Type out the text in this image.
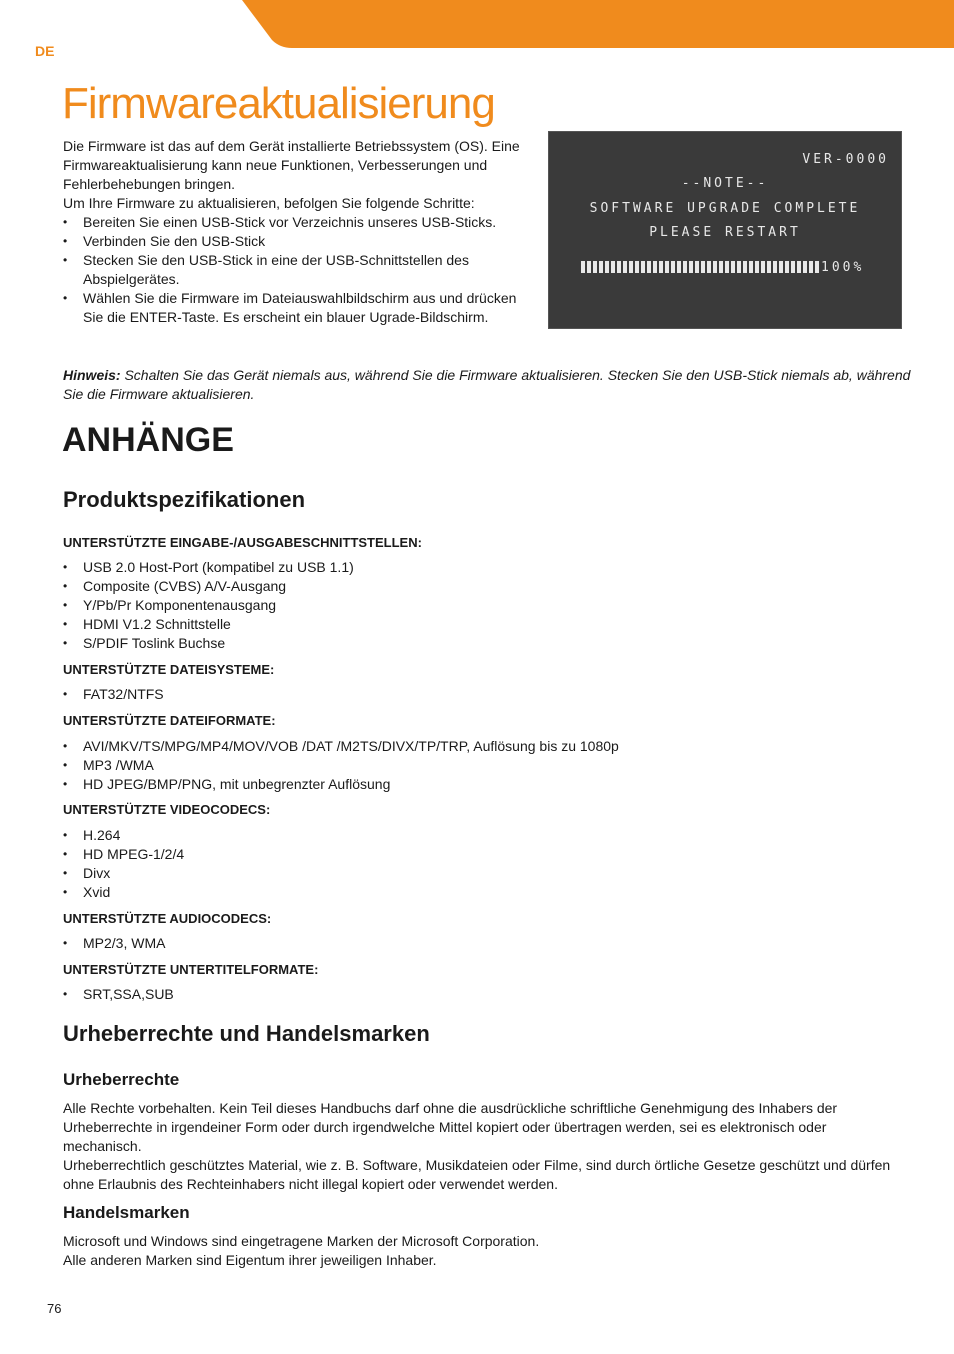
DE
Firmwareaktualisierung

Die Firmware ist das auf dem Gerät installierte Betriebssystem (OS). Eine Firmwareaktualisierung kann neue Funktionen, Verbesserungen und Fehlerbehebungen bringen.

Um Ihre Firmware zu aktualisieren, befolgen Sie folgende Schritte:

• Bereiten Sie einen USB-Stick vor Verzeichnis unseres USB-Sticks.
• Verbinden Sie den USB-Stick
• Stecken Sie den USB-Stick in eine der USB-Schnittstellen des Abspielgerätes.
• Wählen Sie die Firmware im Dateiauswahlbildschirm aus und drücken Sie die ENTER-Taste. Es erscheint ein blauer Ugrade-Bildschirm.
VER-0000
--NOTE--
SOFTWARE UPGRADE COMPLETE
PLEASE RESTART
100%
Hinweis: Schalten Sie das Gerät niemals aus, während Sie die Firmware aktualisieren. Stecken Sie den USB-Stick niemals ab, während Sie die Firmware aktualisieren.
ANHÄNGE
Produktspezifikationen
UNTERSTÜTZTE EINGABE-/AUSGABESCHNITTSTELLEN:
• USB 2.0 Host-Port (kompatibel zu USB 1.1)
• Composite (CVBS) A/V-Ausgang
• Y/Pb/Pr Komponentenausgang
• HDMI V1.2 Schnittstelle
• S/PDIF Toslink Buchse
UNTERSTÜTZTE DATEISYSTEME:
• FAT32/NTFS
UNTERSTÜTZTE DATEIFORMATE:
• AVI/MKV/TS/MPG/MP4/MOV/VOB /DAT /M2TS/DIVX/TP/TRP, Auflösung bis zu 1080p
• MP3 /WMA
• HD JPEG/BMP/PNG, mit unbegrenzter Auflösung
UNTERSTÜTZTE VIDEOCODECS:
• H.264
• HD MPEG-1/2/4
• Divx
• Xvid
UNTERSTÜTZTE AUDIOCODECS:
• MP2/3, WMA
UNTERSTÜTZTE UNTERTITELFORMATE:
• SRT,SSA,SUB
Urheberrechte und Handelsmarken
Urheberrechte

Alle Rechte vorbehalten. Kein Teil dieses Handbuchs darf ohne die ausdrückliche schriftliche Genehmigung des Inhabers der Urheberrechte in irgendeiner Form oder durch irgendwelche Mittel kopiert oder übertragen werden, sei es elektronisch oder mechanisch.

Urheberrechtlich geschütztes Material, wie z. B. Software, Musikdateien oder Filme, sind durch örtliche Gesetze geschützt und dürfen ohne Erlaubnis des Rechteinhabers nicht illegal kopiert oder verwendet werden.

Handelsmarken

Microsoft und Windows sind eingetragene Marken der Microsoft Corporation.

Alle anderen Marken sind Eigentum ihrer jeweiligen Inhaber.

76
